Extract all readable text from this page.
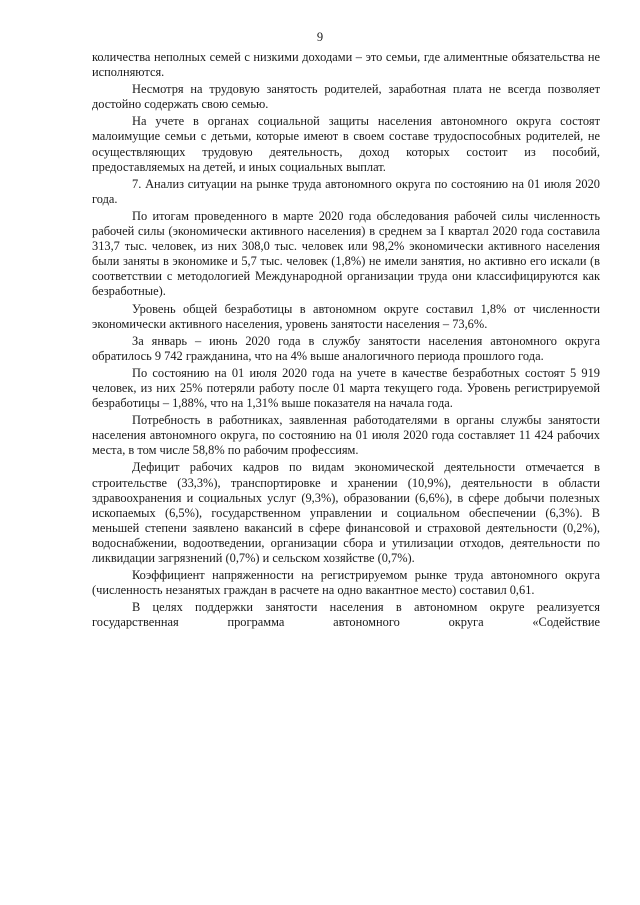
9

количества неполных семей с низкими доходами – это семьи, где алиментные обязательства не исполняются.

Несмотря на трудовую занятость родителей, заработная плата не всегда позволяет достойно содержать свою семью.

На учете в органах социальной защиты населения автономного округа состоят малоимущие семьи с детьми, которые имеют в своем составе трудоспособных родителей, не осуществляющих трудовую деятельность, доход которых состоит из пособий, предоставляемых на детей, и иных социальных выплат.

7. Анализ ситуации на рынке труда автономного округа по состоянию на 01 июля 2020 года.

По итогам проведенного в марте 2020 года обследования рабочей силы численность рабочей силы (экономически активного населения) в среднем за I квартал 2020 года составила 313,7 тыс. человек, из них 308,0 тыс. человек или 98,2% экономически активного населения были заняты в экономике и 5,7 тыс. человек (1,8%) не имели занятия, но активно его искали (в соответствии с методологией Международной организации труда они классифицируются как безработные).

Уровень общей безработицы в автономном округе составил 1,8% от численности экономически активного населения, уровень занятости населения – 73,6%.

За январь – июнь 2020 года в службу занятости населения автономного округа обратилось 9 742 гражданина, что на 4% выше аналогичного периода прошлого года.

По состоянию на 01 июля 2020 года на учете в качестве безработных состоят 5 919 человек, из них 25% потеряли работу после 01 марта текущего года. Уровень регистрируемой безработицы – 1,88%, что на 1,31% выше показателя на начала года.

Потребность в работниках, заявленная работодателями в органы службы занятости населения автономного округа, по состоянию на 01 июля 2020 года составляет 11 424 рабочих места, в том числе 58,8% по рабочим профессиям.

Дефицит рабочих кадров по видам экономической деятельности отмечается в строительстве (33,3%), транспортировке и хранении (10,9%), деятельности в области здравоохранения и социальных услуг (9,3%), образовании (6,6%), в сфере добычи полезных ископаемых (6,5%), государственном управлении и социальном обеспечении (6,3%). В меньшей степени заявлено вакансий в сфере финансовой и страховой деятельности (0,2%), водоснабжении, водоотведении, организации сбора и утилизации отходов, деятельности по ликвидации загрязнений (0,7%) и сельском хозяйстве (0,7%).

Коэффициент напряженности на регистрируемом рынке труда автономного округа (численность незанятых граждан в расчете на одно вакантное место) составил 0,61.

В целях поддержки занятости населения в автономном округе реализуется государственная программа автономного округа «Содействие
